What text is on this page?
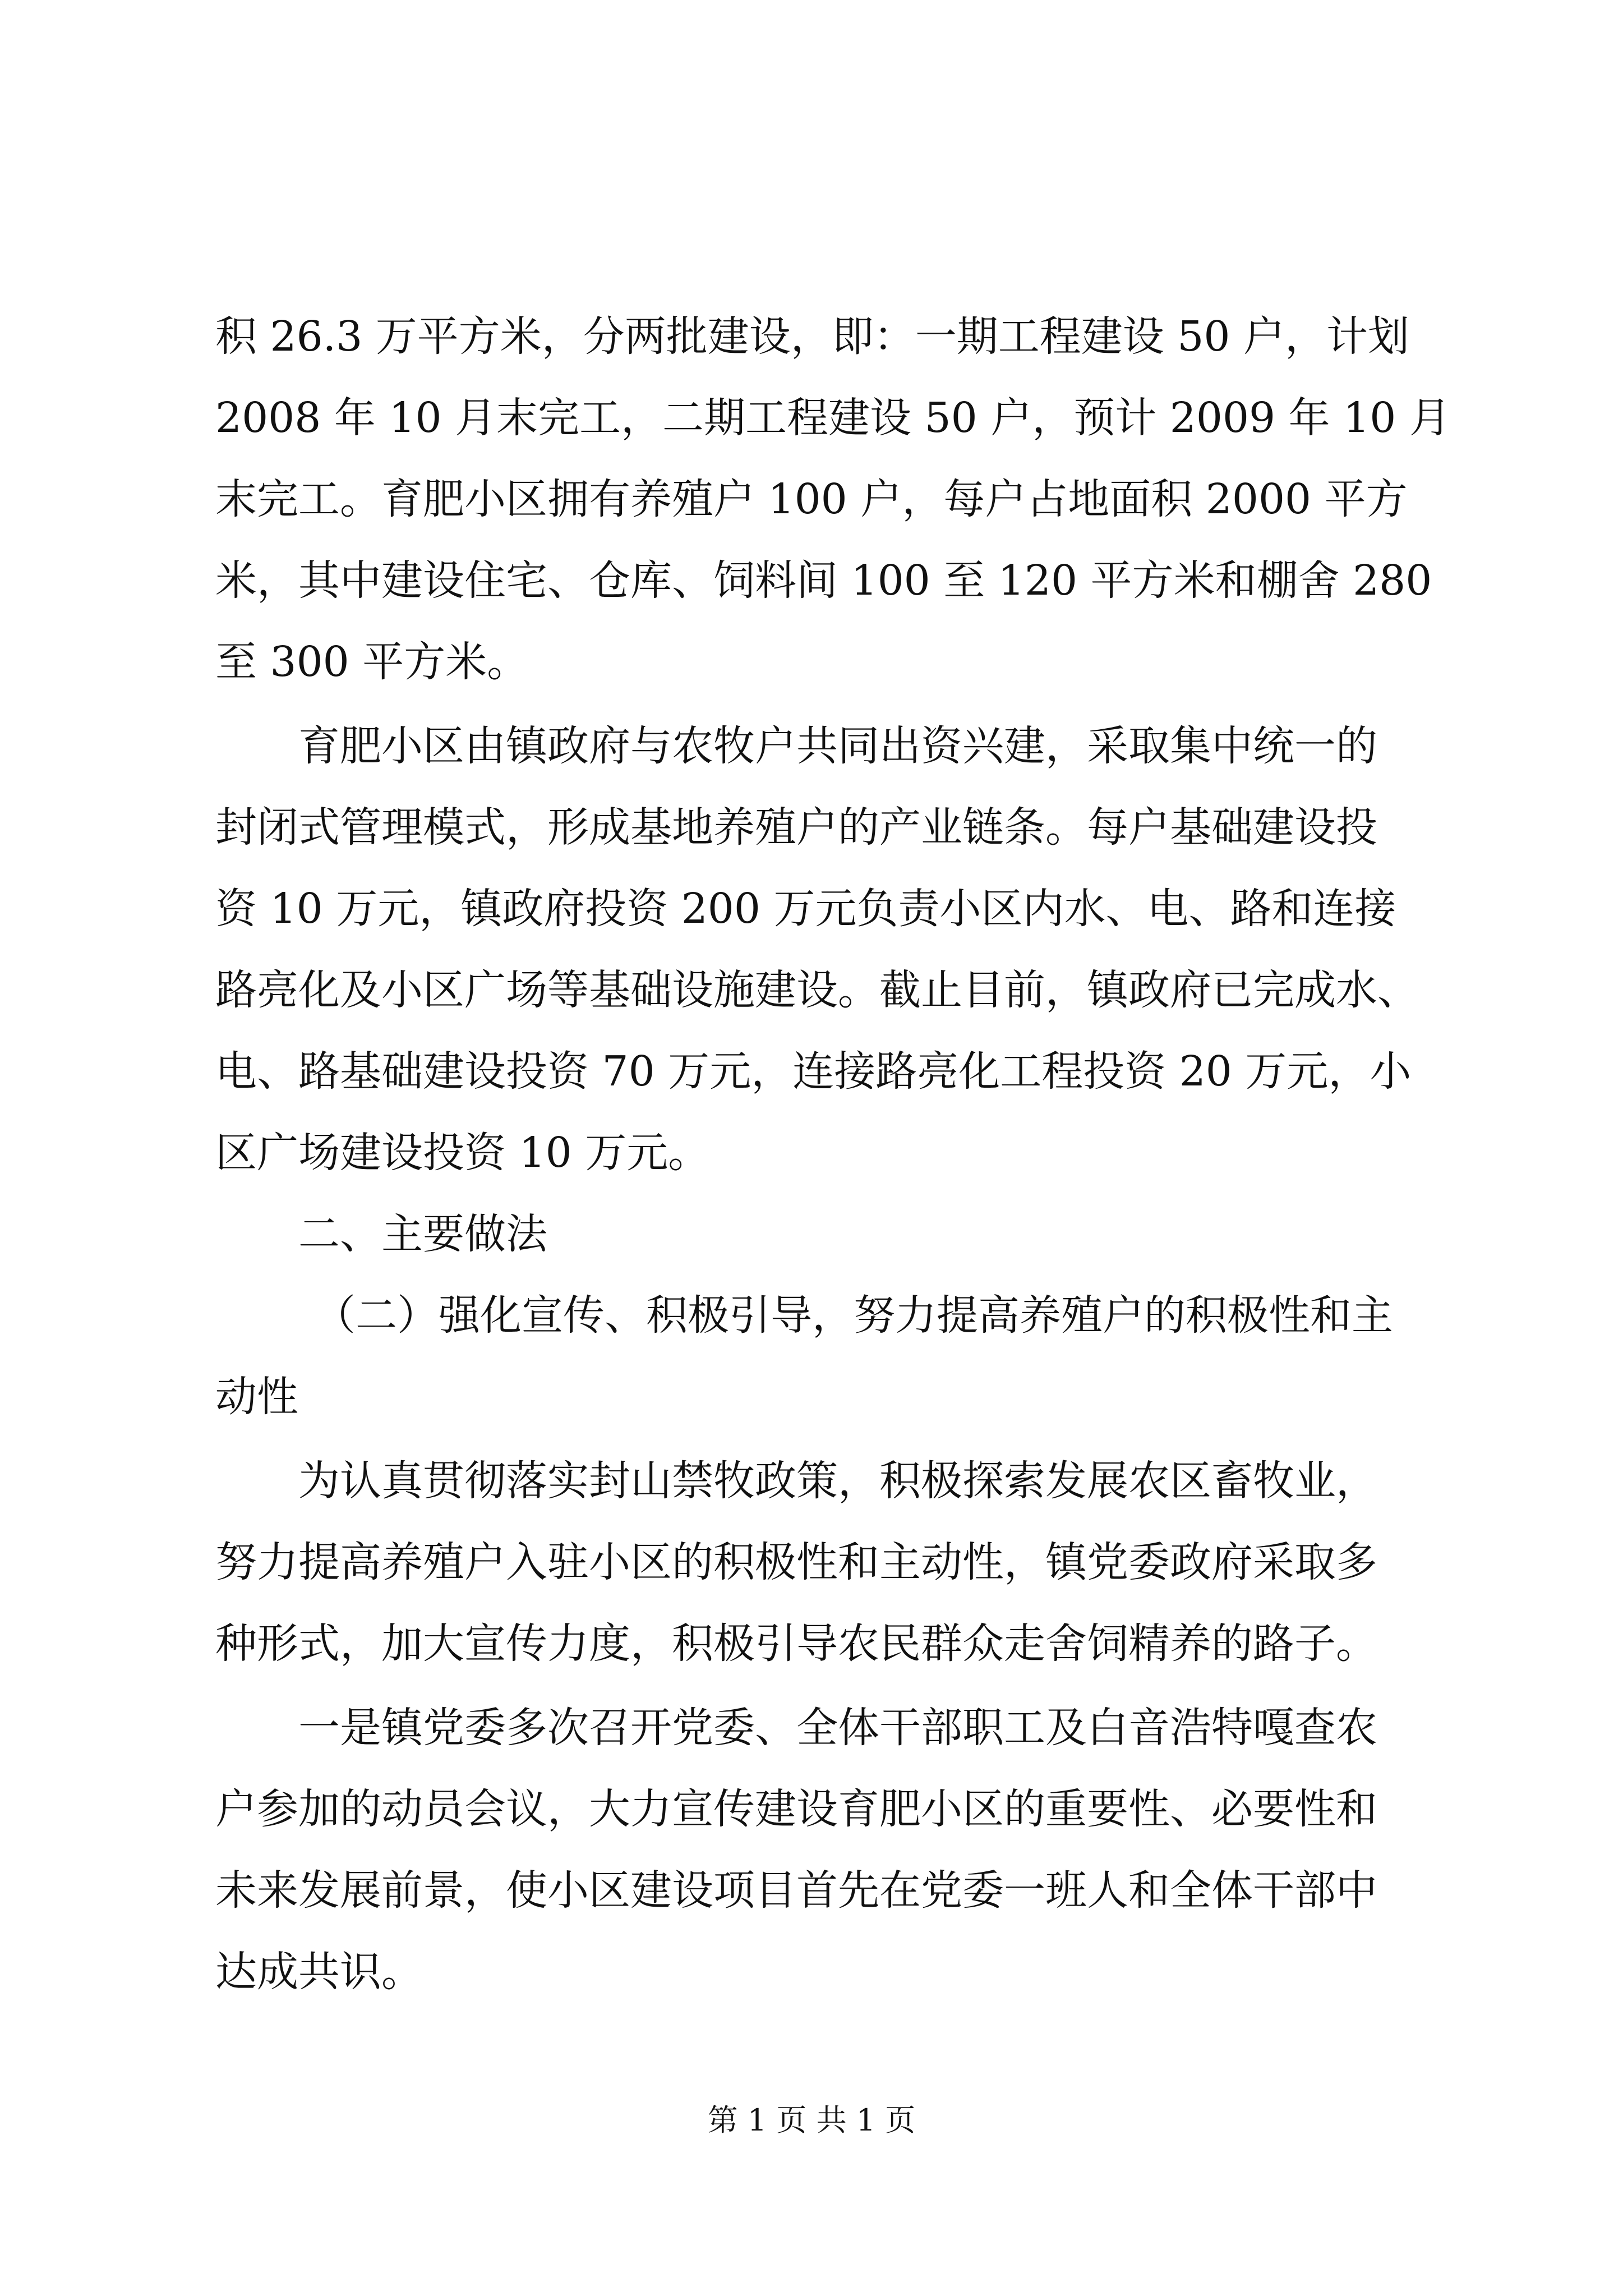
积 26.3 万平方米，分两批建设，即：一期工程建设 50 户，计划
2008 年 10 月末完工，二期工程建设 50 户，预计 2009 年 10 月
末完工。育肥小区拥有养殖户 100 户，每户占地面积 2000 平方
米，其中建设住宅、仓库、饲料间 100 至 120 平方米和棚舍 280
至 300 平方米。
育肥小区由镇政府与农牧户共同出资兴建，采取集中统一的
封闭式管理模式，形成基地养殖户的产业链条。每户基础建设投
资 10 万元，镇政府投资 200 万元负责小区内水、电、路和连接
路亮化及小区广场等基础设施建设。截止目前，镇政府已完成水、
电、路基础建设投资 70 万元，连接路亮化工程投资 20 万元，小
区广场建设投资 10 万元。
二、主要做法
（二）强化宣传、积极引导，努力提高养殖户的积极性和主
动性
为认真贯彻落实封山禁牧政策，积极探索发展农区畜牧业，
努力提高养殖户入驻小区的积极性和主动性，镇党委政府采取多
种形式，加大宣传力度，积极引导农民群众走舍饲精养的路子。
一是镇党委多次召开党委、全体干部职工及白音浩特嘎查农
户参加的动员会议，大力宣传建设育肥小区的重要性、必要性和
未来发展前景，使小区建设项目首先在党委一班人和全体干部中
达成共识。
第 1 页 共 1 页
